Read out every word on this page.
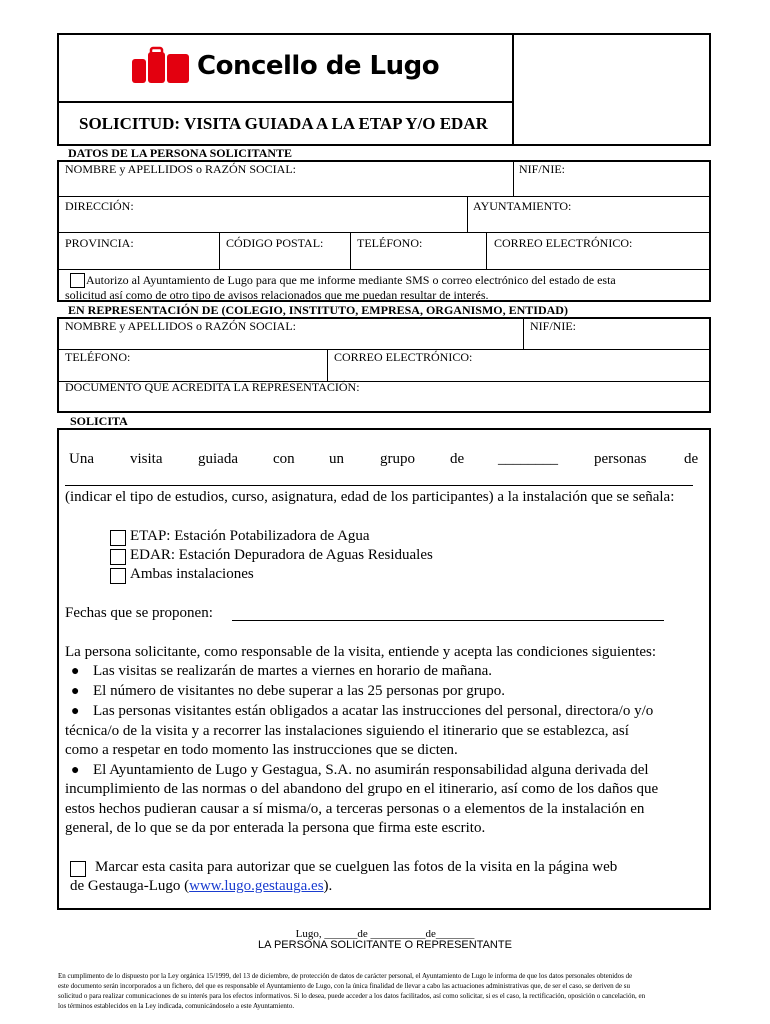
Concello de Lugo
SOLICITUD: VISITA GUIADA A LA ETAP Y/O EDAR
DATOS DE LA PERSONA SOLICITANTE
NOMBRE y APELLIDOS o RAZÓN SOCIAL:	NIF/NIE:
DIRECCIÓN:	AYUNTAMIENTO:
PROVINCIA:	CÓDIGO POSTAL:	TELÉFONO:	CORREO ELECTRÓNICO:
Autorizo al Ayuntamiento de Lugo para que me informe mediante SMS o correo electrónico del estado de esta
solicitud así como de otro tipo de avisos relacionados que me puedan resultar de interés.
EN REPRESENTACIÓN DE (COLEGIO, INSTITUTO, EMPRESA, ORGANISMO, ENTIDAD)
NOMBRE y APELLIDOS o RAZÓN SOCIAL:	NIF/NIE:
TELÉFONO:	CORREO ELECTRÓNICO:
DOCUMENTO QUE ACREDITA LA REPRESENTACIÓN:
SOLICITA
Una visita guiada con un grupo de ________ personas	de
(indicar el tipo de estudios, curso, asignatura, edad de los participantes) a la instalación que se señala:
ETAP: Estación Potabilizadora de Agua
EDAR: Estación Depuradora de Aguas Residuales
Ambas instalaciones
Fechas que se proponen:
La persona solicitante, como responsable de la visita, entiende y acepta las condiciones siguientes:
● Las visitas se realizarán de martes a viernes en horario de mañana.
● El número de visitantes no debe superar a las 25 personas por grupo.
● Las personas visitantes están obligados a acatar las instrucciones del personal, directora/o y/o
técnica/o de la visita y a recorrer las instalaciones siguiendo el itinerario que se establezca, así
como a respetar en todo momento las instrucciones que se dicten.
● El Ayuntamiento de Lugo y Gestagua, S.A. no asumirán responsabilidad alguna derivada del
incumplimiento de las normas o del abandono del grupo en el itinerario, así como de los daños que
estos hechos pudieran causar a sí misma/o, a terceras personas o a elementos de la instalación en
general, de lo que se da por enterada la persona que firma este escrito.
Marcar esta casita para autorizar que se cuelguen las fotos de la visita en la página web
de Gestauga-Lugo (www.lugo.gestauga.es).
Lugo, ______de __________de_______
LA PERSONA SOLICITANTE O REPRESENTANTE
En cumplimento de lo dispuesto por la Ley orgánica 15/1999, del 13 de diciembre, de protección de datos de carácter personal, el Ayuntamiento de Lugo le informa de que los datos personales obtenidos de
este documento serán incorporados a un fichero, del que es responsable el Ayuntamiento de Lugo, con la única finalidad de llevar a cabo las actuaciones administrativas que, de ser el caso, se deriven de su
solicitud o para realizar comunicaciones de su interés para los efectos informativos. Si lo desea, puede acceder a los datos facilitados, así como solicitar, si es el caso, la rectificación, oposición o cancelación, en
los términos establecidos en la Ley indicada, comunicándoselo a este Ayuntamiento.
